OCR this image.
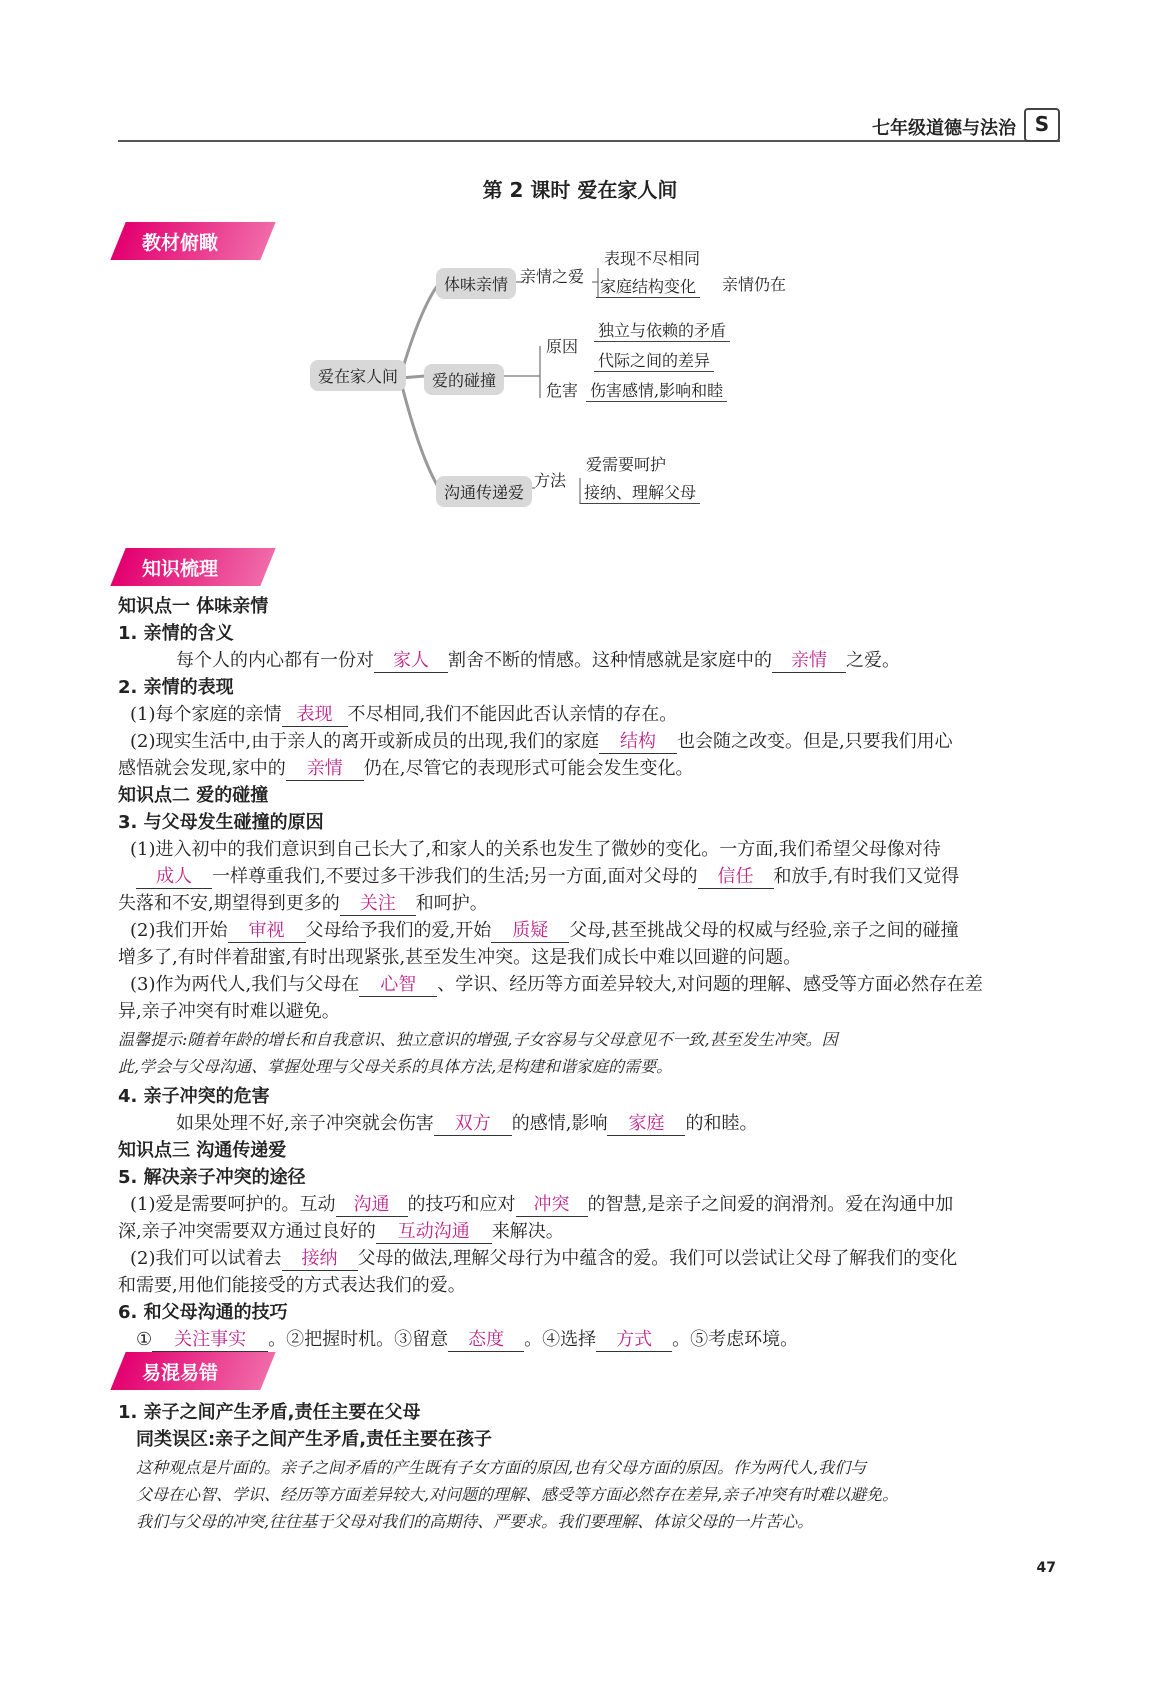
七年级道德与法治 S
第 2 课时 爱在家人间
教材俯瞰
爱在家人间
体味亲情 亲情之爱
表现不尽相同
家庭结构变化 亲情仍在
爱的碰撞
原因
独立与依赖的矛盾
代际之间的差异
危害 伤害感情,影响和睦
沟通传递爱
方法
爱需要呵护
接纳、理解父母
知识梳理
知识点一 体味亲情
1. 亲情的含义
每个人的内心都有一份对 家人 割舍不断的情感。这种情感就是家庭中的 亲情 之爱。
2. 亲情的表现
(1)每个家庭的亲情 表现 不尽相同,我们不能因此否认亲情的存在。
(2)现实生活中,由于亲人的离开或新成员的出现,我们的家庭 结构 也会随之改变。但是,只要我们用心
感悟就会发现,家中的 亲情 仍在,尽管它的表现形式可能会发生变化。
知识点二 爱的碰撞
3. 与父母发生碰撞的原因
(1)进入初中的我们意识到自己长大了,和家人的关系也发生了微妙的变化。一方面,我们希望父母像对待
成人 一样尊重我们,不要过多干涉我们的生活;另一方面,面对父母的 信任 和放手,有时我们又觉得
失落和不安,期望得到更多的 关注 和呵护。
(2)我们开始 审视 父母给予我们的爱,开始 质疑 父母,甚至挑战父母的权威与经验,亲子之间的碰撞
增多了,有时伴着甜蜜,有时出现紧张,甚至发生冲突。这是我们成长中难以回避的问题。
(3)作为两代人,我们与父母在 心智 、学识、经历等方面差异较大,对问题的理解、感受等方面必然存在差
异,亲子冲突有时难以避免。
温馨提示:随着年龄的增长和自我意识、独立意识的增强,子女容易与父母意见不一致,甚至发生冲突。因
此,学会与父母沟通、掌握处理与父母关系的具体方法,是构建和谐家庭的需要。
4. 亲子冲突的危害
如果处理不好,亲子冲突就会伤害 双方 的感情,影响 家庭 的和睦。
知识点三 沟通传递爱
5. 解决亲子冲突的途径
(1)爱是需要呵护的。互动 沟通 的技巧和应对 冲突 的智慧,是亲子之间爱的润滑剂。爱在沟通中加
深,亲子冲突需要双方通过良好的 互动沟通 来解决。
(2)我们可以试着去 接纳 父母的做法,理解父母行为中蕴含的爱。我们可以尝试让父母了解我们的变化
和需要,用他们能接受的方式表达我们的爱。
6. 和父母沟通的技巧
① 关注事实 。②把握时机。③留意 态度 。④选择 方式 。⑤考虑环境。
易混易错
1. 亲子之间产生矛盾,责任主要在父母
同类误区:亲子之间产生矛盾,责任主要在孩子
这种观点是片面的。亲子之间矛盾的产生既有子女方面的原因,也有父母方面的原因。作为两代人,我们与
父母在心智、学识、经历等方面差异较大,对问题的理解、感受等方面必然存在差异,亲子冲突有时难以避免。
我们与父母的冲突,往往基于父母对我们的高期待、严要求。我们要理解、体谅父母的一片苦心。
47
